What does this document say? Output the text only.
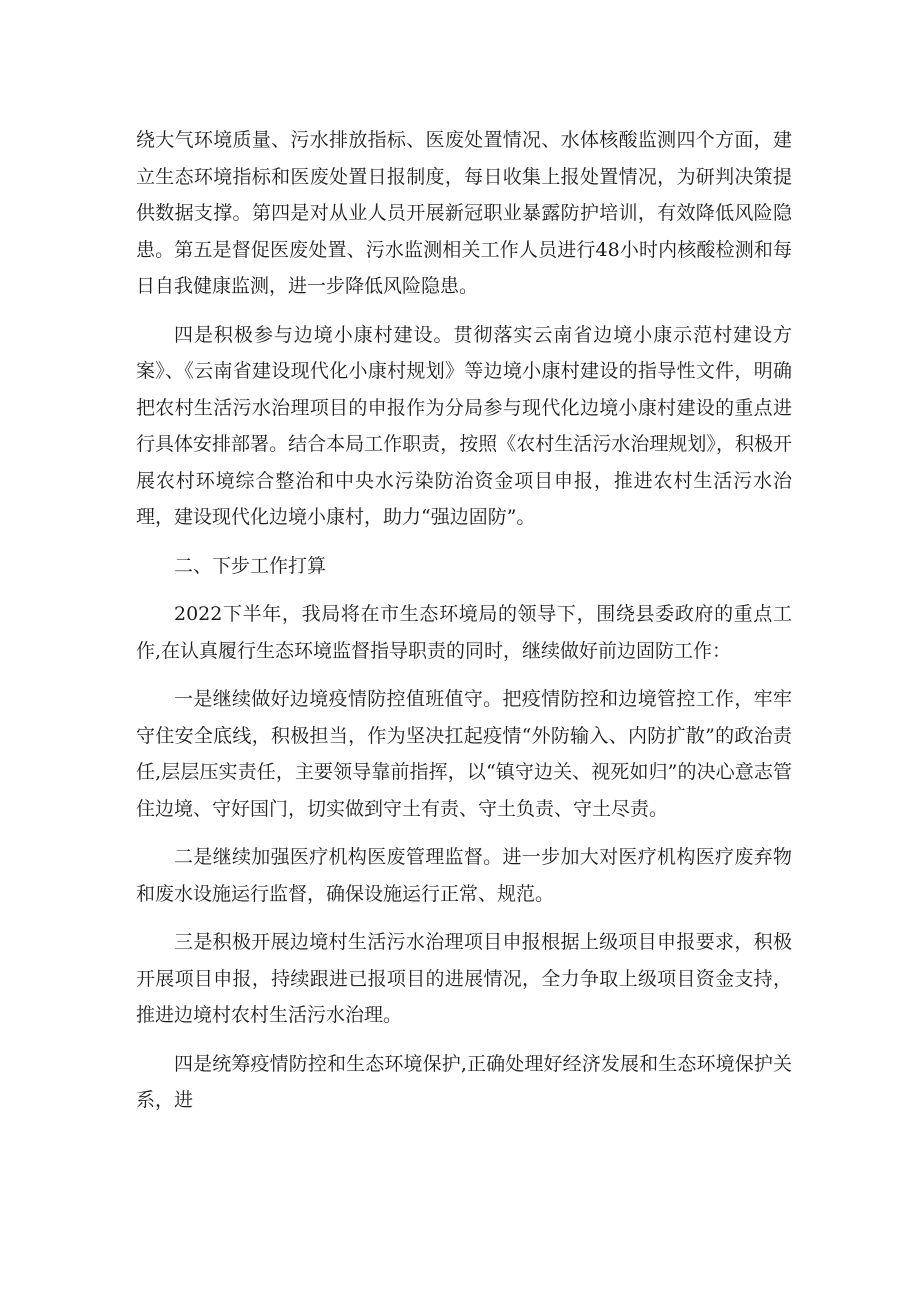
绕大气环境质量、污水排放指标、医废处置情况、水体核酸监测四个方面，建立生态环境指标和医废处置日报制度，每日收集上报处置情况，为研判决策提供数据支撑。第四是对从业人员开展新冠职业暴露防护培训，有效降低风险隐患。第五是督促医废处置、污水监测相关工作人员进行48小时内核酸检测和每日自我健康监测，进一步降低风险隐患。

四是积极参与边境小康村建设。贯彻落实云南省边境小康示范村建设方案》、《云南省建设现代化小康村规划》等边境小康村建设的指导性文件，明确把农村生活污水治理项目的申报作为分局参与现代化边境小康村建设的重点进行具体安排部署。结合本局工作职责，按照《农村生活污水治理规划》，积极开展农村环境综合整治和中央水污染防治资金项目申报，推进农村生活污水治理，建设现代化边境小康村，助力“强边固防”。

二、下步工作打算

2022下半年，我局将在市生态环境局的领导下，围绕县委政府的重点工作,在认真履行生态环境监督指导职责的同时，继续做好前边固防工作：

一是继续做好边境疫情防控值班值守。把疫情防控和边境管控工作，牢牢守住安全底线，积极担当，作为坚决扛起疫情“外防输入、内防扩散”的政治责任,层层压实责任，主要领导靠前指挥，以“镇守边关、视死如归”的决心意志管住边境、守好国门，切实做到守土有责、守土负责、守土尽责。

二是继续加强医疗机构医废管理监督。进一步加大对医疗机构医疗废弃物和废水设施运行监督，确保设施运行正常、规范。

三是积极开展边境村生活污水治理项目申报根据上级项目申报要求，积极开展项目申报，持续跟进已报项目的进展情况，全力争取上级项目资金支持，推进边境村农村生活污水治理。

四是统筹疫情防控和生态环境保护,正确处理好经济发展和生态环境保护关系，进
